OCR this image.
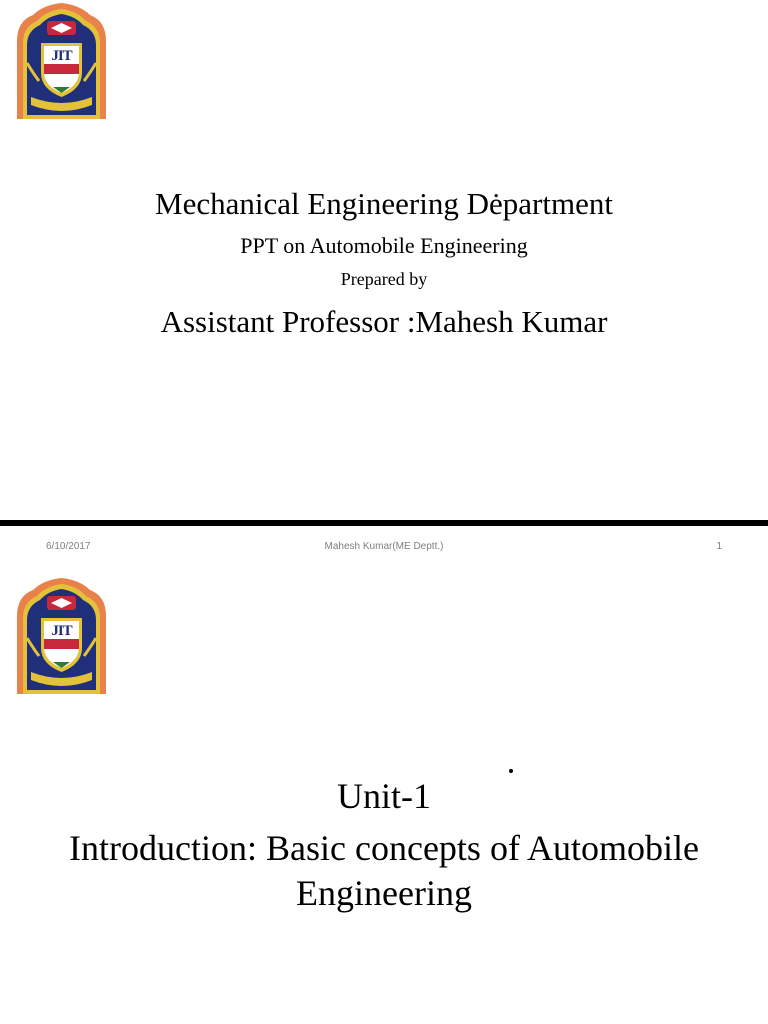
JIT
Mechanical Engineering Dėpartment
PPT on Automobile Engineering
Prepared by
Assistant Professor :Mahesh Kumar
6/10/2017	Mahesh Kumar(ME Deptt.)	1
JIT
Unit-1
Introduction: Basic concepts of Automobile Engineering
